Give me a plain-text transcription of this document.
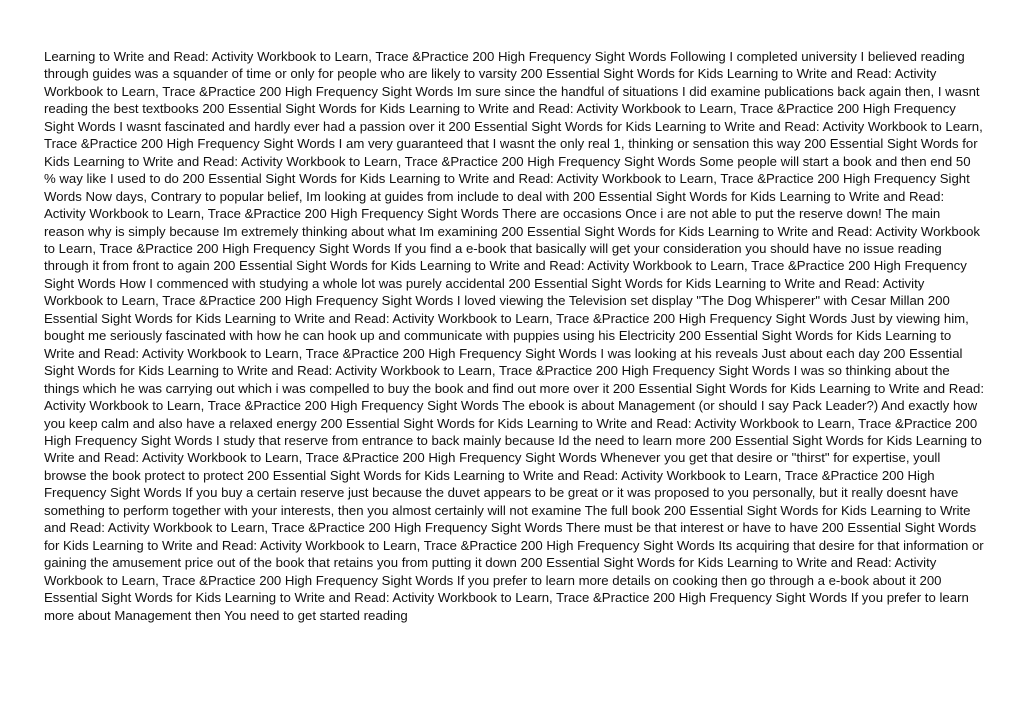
Learning to Write and Read: Activity Workbook to Learn, Trace &Practice 200 High Frequency Sight Words Following I completed university I believed reading through guides was a squander of time or only for people who are likely to varsity 200 Essential Sight Words for Kids Learning to Write and Read: Activity Workbook to Learn, Trace &Practice 200 High Frequency Sight Words Im sure since the handful of situations I did examine publications back again then, I wasnt reading the best textbooks 200 Essential Sight Words for Kids Learning to Write and Read: Activity Workbook to Learn, Trace &Practice 200 High Frequency Sight Words I wasnt fascinated and hardly ever had a passion over it 200 Essential Sight Words for Kids Learning to Write and Read: Activity Workbook to Learn, Trace &Practice 200 High Frequency Sight Words I am very guaranteed that I wasnt the only real 1, thinking or sensation this way 200 Essential Sight Words for Kids Learning to Write and Read: Activity Workbook to Learn, Trace &Practice 200 High Frequency Sight Words Some people will start a book and then end 50 % way like I used to do 200 Essential Sight Words for Kids Learning to Write and Read: Activity Workbook to Learn, Trace &Practice 200 High Frequency Sight Words Now days, Contrary to popular belief, Im looking at guides from include to deal with 200 Essential Sight Words for Kids Learning to Write and Read: Activity Workbook to Learn, Trace &Practice 200 High Frequency Sight Words There are occasions Once i are not able to put the reserve down! The main reason why is simply because Im extremely thinking about what Im examining 200 Essential Sight Words for Kids Learning to Write and Read: Activity Workbook to Learn, Trace &Practice 200 High Frequency Sight Words If you find a e-book that basically will get your consideration you should have no issue reading through it from front to again 200 Essential Sight Words for Kids Learning to Write and Read: Activity Workbook to Learn, Trace &Practice 200 High Frequency Sight Words How I commenced with studying a whole lot was purely accidental 200 Essential Sight Words for Kids Learning to Write and Read: Activity Workbook to Learn, Trace &Practice 200 High Frequency Sight Words I loved viewing the Television set display "The Dog Whisperer" with Cesar Millan 200 Essential Sight Words for Kids Learning to Write and Read: Activity Workbook to Learn, Trace &Practice 200 High Frequency Sight Words Just by viewing him, bought me seriously fascinated with how he can hook up and communicate with puppies using his Electricity 200 Essential Sight Words for Kids Learning to Write and Read: Activity Workbook to Learn, Trace &Practice 200 High Frequency Sight Words I was looking at his reveals Just about each day 200 Essential Sight Words for Kids Learning to Write and Read: Activity Workbook to Learn, Trace &Practice 200 High Frequency Sight Words I was so thinking about the things which he was carrying out which i was compelled to buy the book and find out more over it 200 Essential Sight Words for Kids Learning to Write and Read: Activity Workbook to Learn, Trace &Practice 200 High Frequency Sight Words The ebook is about Management (or should I say Pack Leader?) And exactly how you keep calm and also have a relaxed energy 200 Essential Sight Words for Kids Learning to Write and Read: Activity Workbook to Learn, Trace &Practice 200 High Frequency Sight Words I study that reserve from entrance to back mainly because Id the need to learn more 200 Essential Sight Words for Kids Learning to Write and Read: Activity Workbook to Learn, Trace &Practice 200 High Frequency Sight Words Whenever you get that desire or "thirst" for expertise, youll browse the book protect to protect 200 Essential Sight Words for Kids Learning to Write and Read: Activity Workbook to Learn, Trace &Practice 200 High Frequency Sight Words If you buy a certain reserve just because the duvet appears to be great or it was proposed to you personally, but it really doesnt have something to perform together with your interests, then you almost certainly will not examine The full book 200 Essential Sight Words for Kids Learning to Write and Read: Activity Workbook to Learn, Trace &Practice 200 High Frequency Sight Words There must be that interest or have to have 200 Essential Sight Words for Kids Learning to Write and Read: Activity Workbook to Learn, Trace &Practice 200 High Frequency Sight Words Its acquiring that desire for that information or gaining the amusement price out of the book that retains you from putting it down 200 Essential Sight Words for Kids Learning to Write and Read: Activity Workbook to Learn, Trace &Practice 200 High Frequency Sight Words If you prefer to learn more details on cooking then go through a e-book about it 200 Essential Sight Words for Kids Learning to Write and Read: Activity Workbook to Learn, Trace &Practice 200 High Frequency Sight Words If you prefer to learn more about Management then You need to get started reading
